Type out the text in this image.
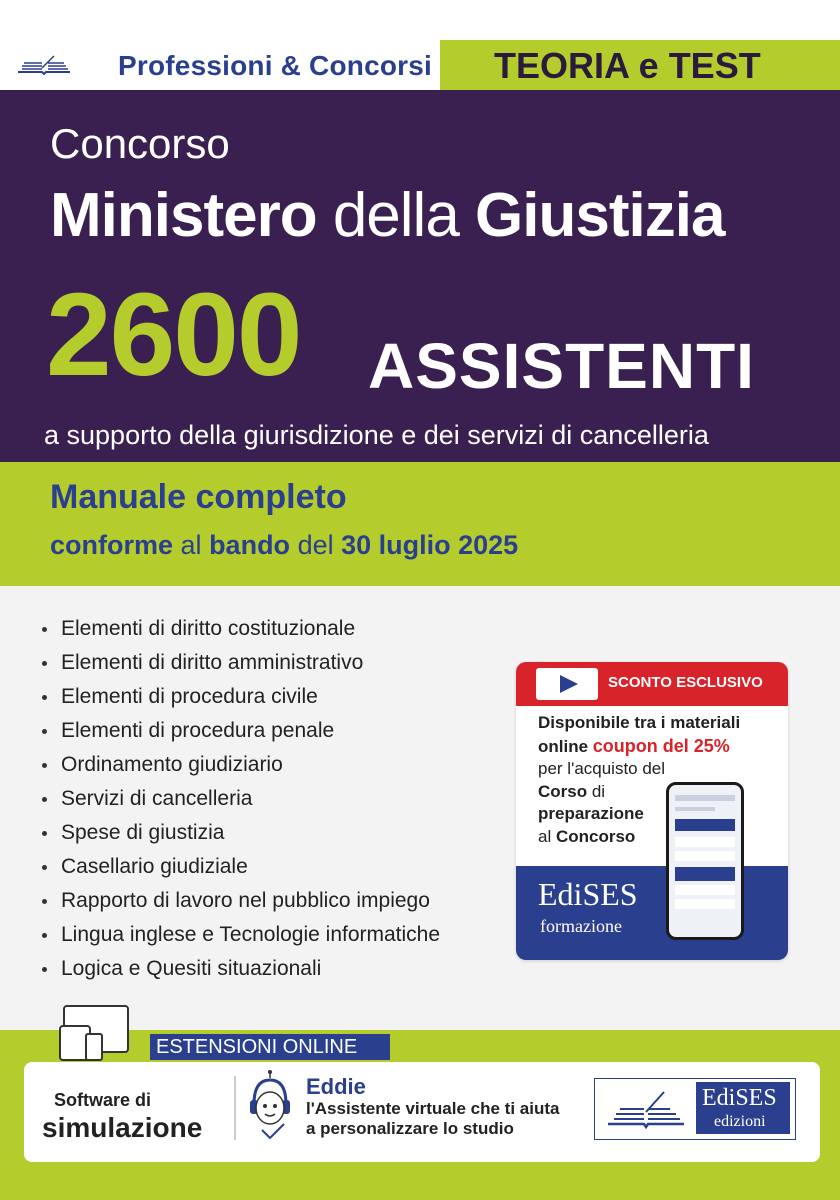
Professioni & Concorsi TEORIA e TEST
Concorso
Ministero della Giustizia
2600 ASSISTENTI
a supporto della giurisdizione e dei servizi di cancelleria
Manuale completo
conforme al bando del 30 luglio 2025
Elementi di diritto costituzionale
Elementi di diritto amministrativo
Elementi di procedura civile
Elementi di procedura penale
Ordinamento giudiziario
Servizi di cancelleria
Spese di giustizia
Casellario giudiziale
Rapporto di lavoro nel pubblico impiego
Lingua inglese e Tecnologie informatiche
Logica e Quesiti situazionali
SCONTO ESCLUSIVO
Disponibile tra i materiali
online coupon del 25%
per l'acquisto del
Corso di
preparazione
al Concorso
EdiSES
formazione
ESTENSIONI ONLINE
Software di
simulazione
Eddie
l'Assistente virtuale che ti aiuta
a personalizzare lo studio
EdiSES
edizioni
